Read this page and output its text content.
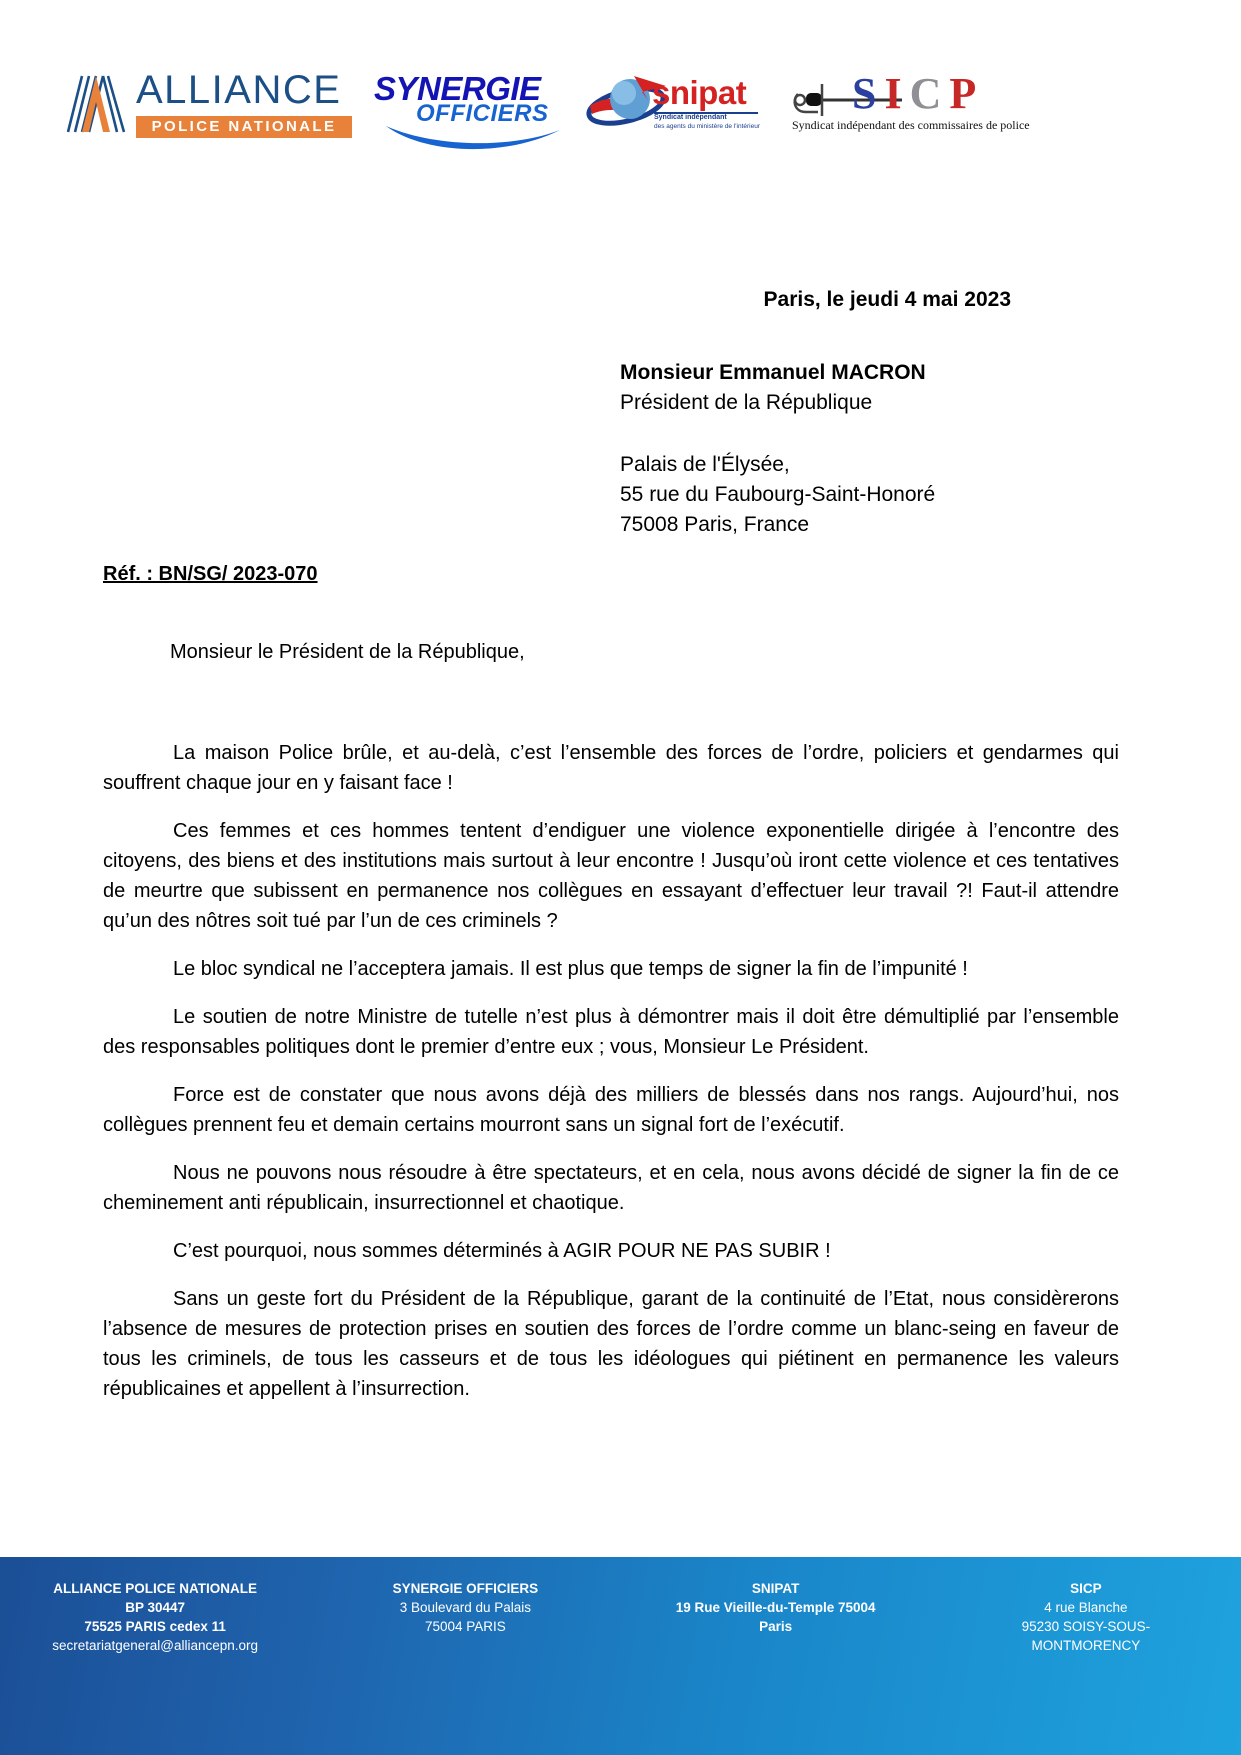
ALLIANCE
POLICE NATIONALE
SYNERGIE
OFFICIERS
snipat
Syndicat indépendant
des agents du ministère de l'intérieur
SICP
Syndicat indépendant des commissaires de police
Paris, le jeudi 4 mai 2023
Monsieur Emmanuel MACRON
Président de la République
Palais de l'Élysée,
55 rue du Faubourg-Saint-Honoré
75008 Paris, France
Réf. : BN/SG/ 2023-070
Monsieur le Président de la République,

La maison Police brûle, et au-delà, c’est l’ensemble des forces de l’ordre, policiers et gendarmes qui souffrent chaque jour en y faisant face !

Ces femmes et ces hommes tentent d’endiguer une violence exponentielle dirigée à l’encontre des citoyens, des biens et des institutions mais surtout à leur encontre ! Jusqu’où iront cette violence et ces tentatives de meurtre que subissent en permanence nos collègues en essayant d’effectuer leur travail ?! Faut-il attendre qu’un des nôtres soit tué par l’un de ces criminels ?

Le bloc syndical ne l’acceptera jamais. Il est plus que temps de signer la fin de l’impunité !

Le soutien de notre Ministre de tutelle n’est plus à démontrer mais il doit être démultiplié par l’ensemble des responsables politiques dont le premier d’entre eux ; vous, Monsieur Le Président.

Force est de constater que nous avons déjà des milliers de blessés dans nos rangs. Aujourd’hui, nos collègues prennent feu et demain certains mourront sans un signal fort de l’exécutif.

Nous ne pouvons nous résoudre à être spectateurs, et en cela, nous avons décidé de signer la fin de ce cheminement anti républicain, insurrectionnel et chaotique.

C’est pourquoi, nous sommes déterminés à AGIR POUR NE PAS SUBIR !

Sans un geste fort du Président de la République, garant de la continuité de l’Etat, nous considèrerons l’absence de mesures de protection prises en soutien des forces de l’ordre comme un blanc-seing en faveur de tous les criminels, de tous les casseurs et de tous les idéologues qui piétinent en permanence les valeurs républicaines et appellent à l’insurrection.

ALLIANCE POLICE NATIONALE
BP 30447
75525 PARIS cedex 11
secretariatgeneral@alliancepn.org
SYNERGIE OFFICIERS
3 Boulevard du Palais
75004 PARIS
SNIPAT
19 Rue Vieille-du-Temple 75004
Paris
SICP
4 rue Blanche
95230 SOISY-SOUS-
MONTMORENCY
